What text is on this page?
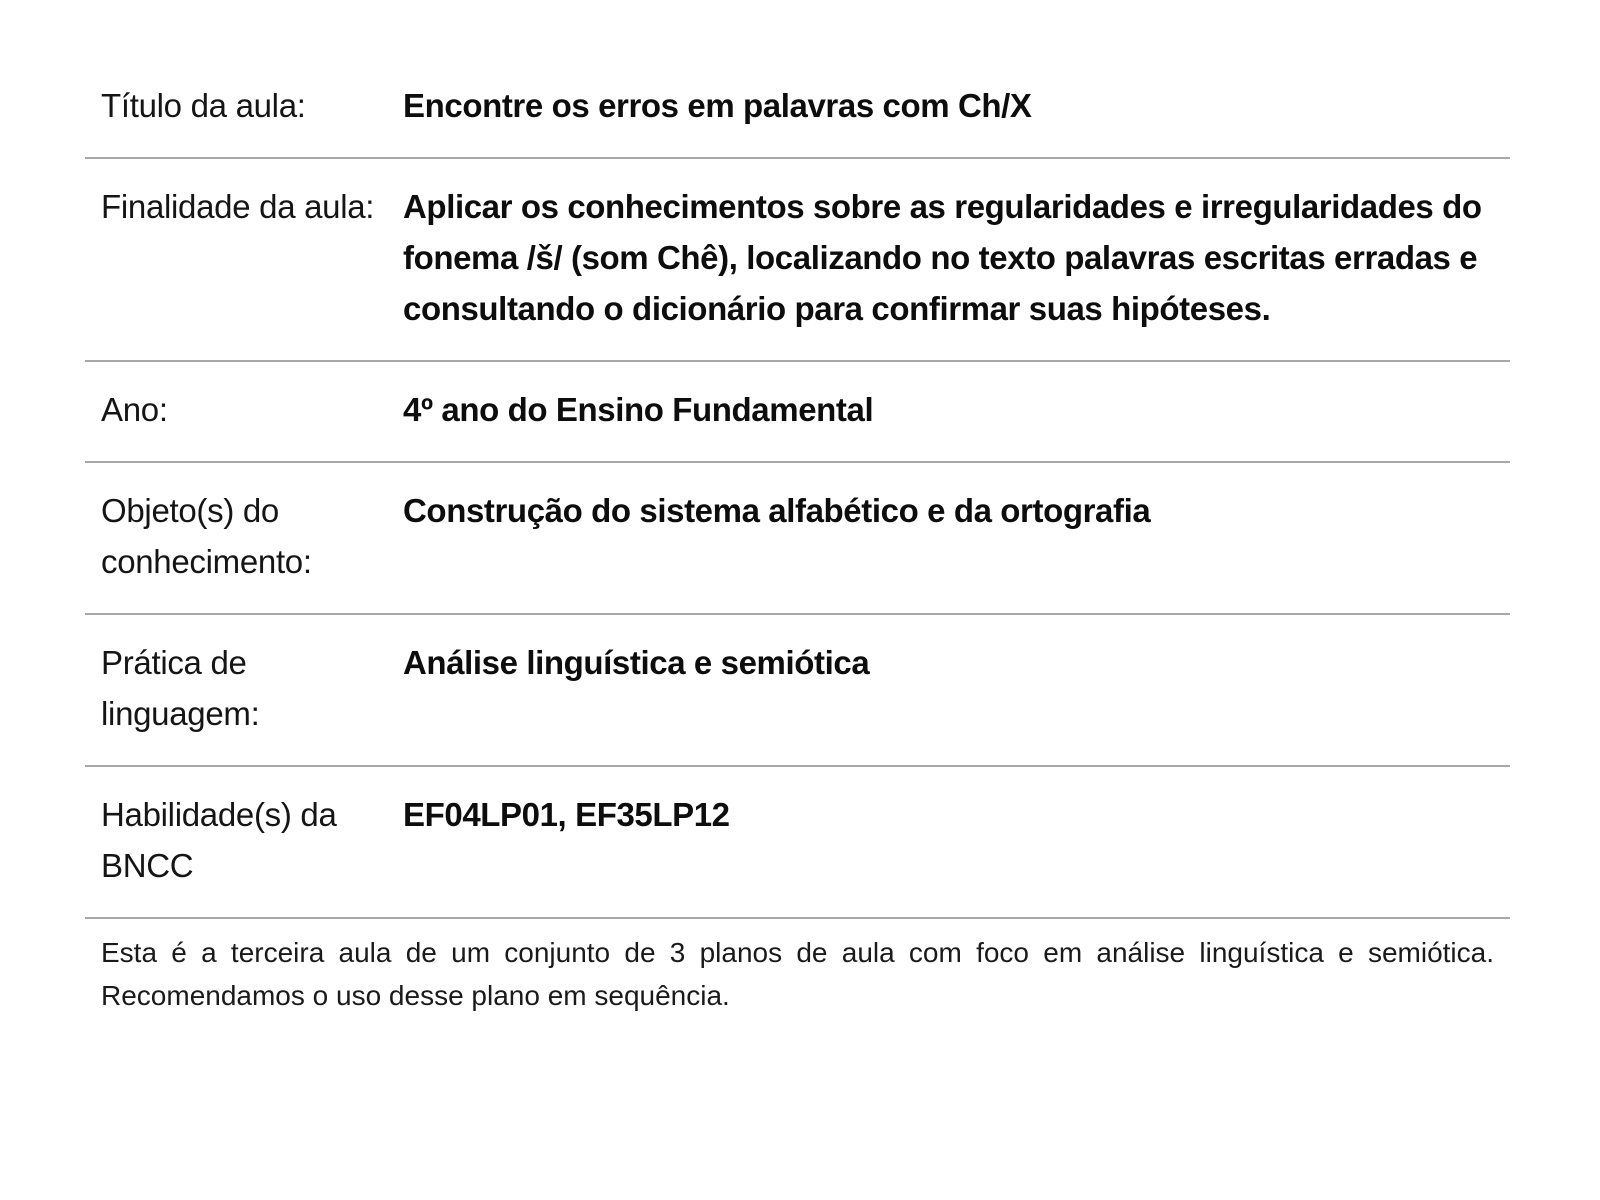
Título da aula:	Encontre os erros em palavras com Ch/X
Finalidade da aula: Aplicar os conhecimentos sobre as regularidades e irregularidades do fonema /š/ (som Chê), localizando no texto palavras escritas erradas e consultando o dicionário para confirmar suas hipóteses.
Ano:	4º ano do Ensino Fundamental
Objeto(s) do conhecimento:
Construção do sistema alfabético e da ortografia
Prática de linguagem:
Análise linguística e semiótica
Habilidade(s) da BNCC
EF04LP01, EF35LP12
Esta é a terceira aula de um conjunto de 3 planos de aula com foco em análise linguística e semiótica. Recomendamos o uso desse plano em sequência.
